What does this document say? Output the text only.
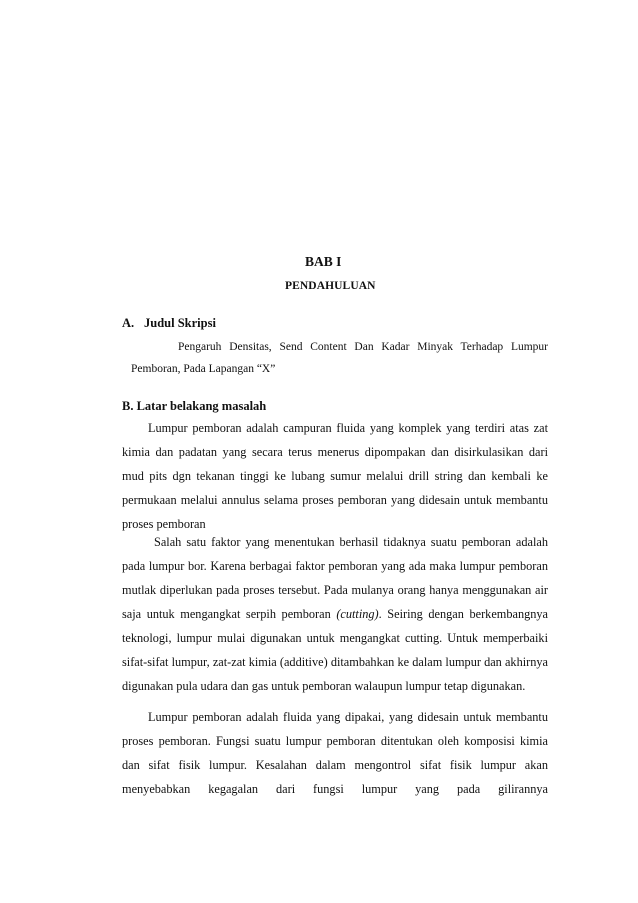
BAB I
PENDAHULUAN
A. Judul Skripsi
Pengaruh Densitas, Send Content Dan Kadar Minyak Terhadap Lumpur Pemboran, Pada Lapangan “X”
B. Latar belakang masalah

Lumpur pemboran adalah campuran fluida yang komplek yang terdiri atas zat kimia dan padatan yang secara terus menerus dipompakan dan disirkulasikan dari mud pits dgn tekanan tinggi ke lubang sumur melalui drill string dan kembali ke permukaan melalui annulus selama proses pemboran yang didesain untuk membantu proses pemboran

Salah satu faktor yang menentukan berhasil tidaknya suatu pemboran adalah pada lumpur bor. Karena berbagai faktor pemboran yang ada maka lumpur pemboran mutlak diperlukan pada proses tersebut. Pada mulanya orang hanya menggunakan air saja untuk mengangkat serpih pemboran (cutting). Seiring dengan berkembangnya teknologi, lumpur mulai digunakan untuk mengangkat cutting. Untuk memperbaiki sifat-sifat lumpur, zat-zat kimia (additive) ditambahkan ke dalam lumpur dan akhirnya digunakan pula udara dan gas untuk pemboran walaupun lumpur tetap digunakan.

Lumpur pemboran adalah fluida yang dipakai, yang didesain untuk membantu proses pemboran. Fungsi suatu lumpur pemboran ditentukan oleh komposisi kimia dan sifat fisik lumpur. Kesalahan dalam mengontrol sifat fisik lumpur akan menyebabkan kegagalan dari fungsi lumpur yang pada gilirannya
